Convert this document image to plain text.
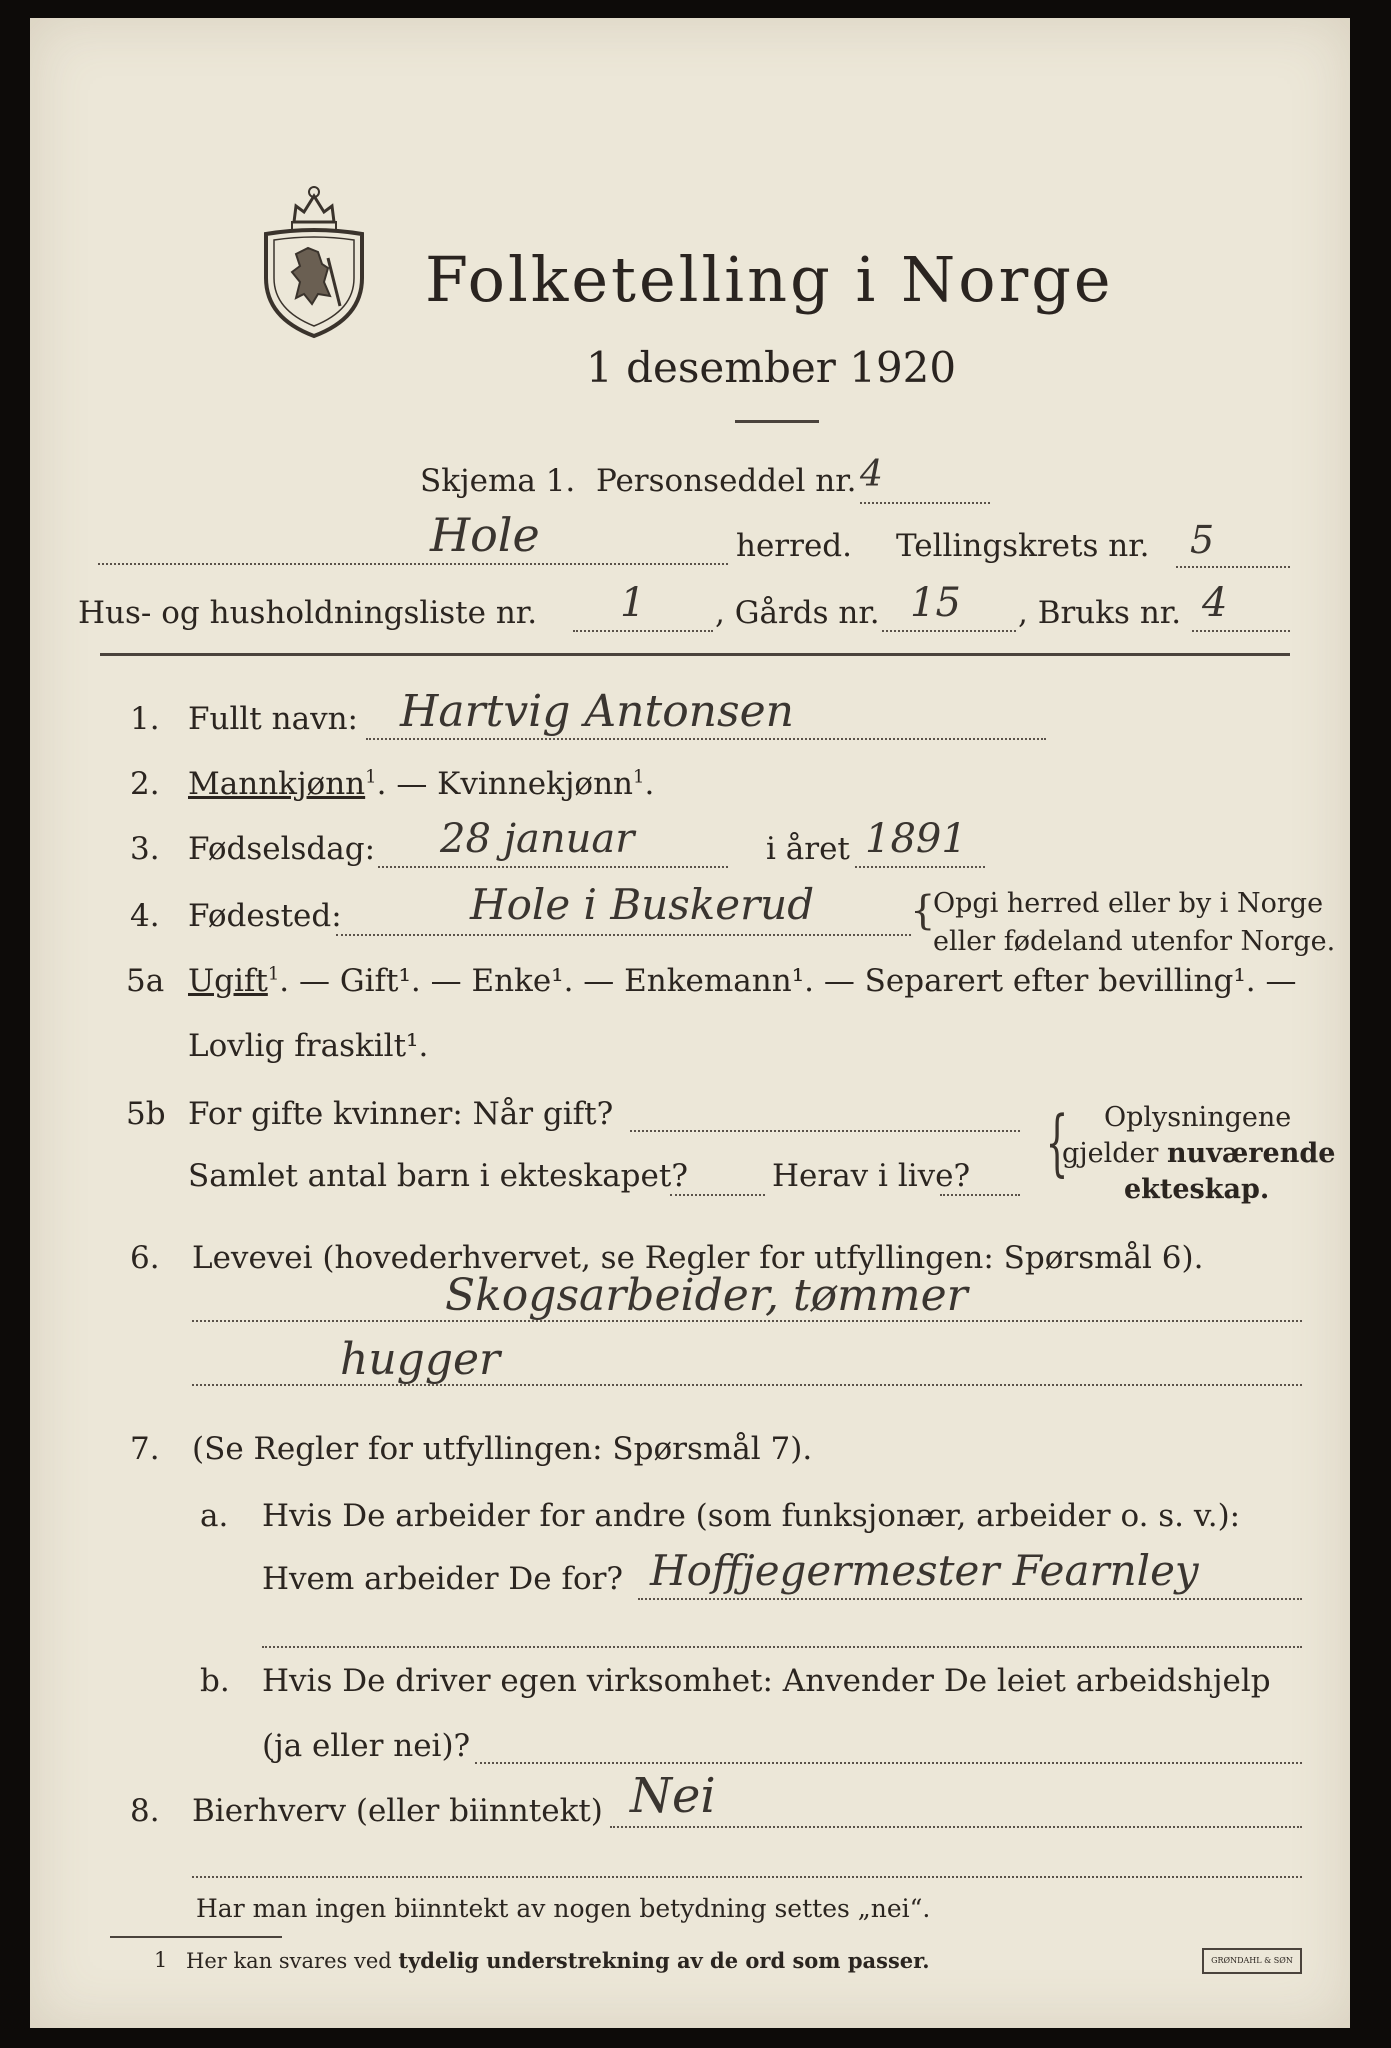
Folketelling i Norge
1 desember 1920
Skjema 1. Personseddel nr. 4
Hole	herred. Tellingskrets nr. 5
Hus- og husholdningsliste nr. 1 , Gårds nr. 15 , Bruks nr. 4
1. Fullt navn: Hartvig Antonsen
2. Mannkjønn$^1$. — Kvinnekjønn$^1$.
3. Fødselsdag: 28 januar	i året 1891
4. Fødested:	Hole i Buskerud {
Opgi herred eller by i Norge
eller fødeland utenfor Norge.
5a Ugift$^1$. — Gift¹. — Enke¹. — Enkemann¹. — Separert efter bevilling¹. —
Lovlig fraskilt¹.
5b For gifte kvinner: Når gift?
Samlet antal barn i ekteskapet?	Herav i live? { Oplysningene
gjelder nuværende
ekteskap.
6. Levevei (hovederhvervet, se Regler for utfyllingen: Spørsmål 6).
Skogsarbeider, tømmer
hugger
7. (Se Regler for utfyllingen: Spørsmål 7).
a. Hvis De arbeider for andre (som funksjonær, arbeider o. s. v.):
Hvem arbeider De for? Hoffjegermester Fearnley
b. Hvis De driver egen virksomhet: Anvender De leiet arbeidshjelp
(ja eller nei)?
8. Bierhverv (eller biinntekt) Nei
Har man ingen biinntekt av nogen betydning settes „nei“.
1 Her kan svares ved tydelig understrekning av de ord som passer.	GRØNDAHL & SØN
